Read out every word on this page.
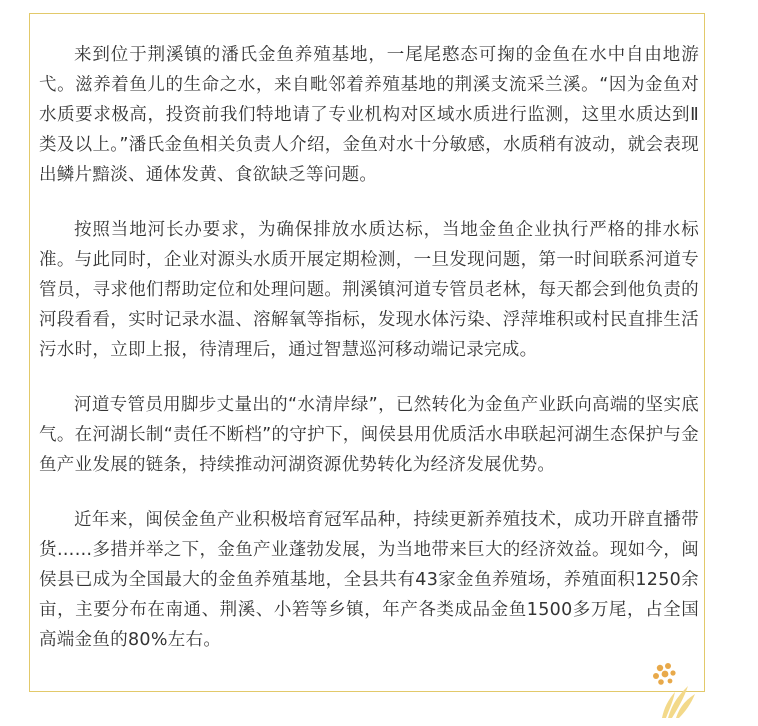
来到位于荆溪镇的潘氏金鱼养殖基地，一尾尾憨态可掬的金鱼在水中自由地游弋。滋养着鱼儿的生命之水，来自毗邻着养殖基地的荆溪支流采兰溪。“因为金鱼对水质要求极高，投资前我们特地请了专业机构对区域水质进行监测，这里水质达到Ⅱ类及以上。”潘氏金鱼相关负责人介绍，金鱼对水十分敏感，水质稍有波动，就会表现出鳞片黯淡、通体发黄、食欲缺乏等问题。

按照当地河长办要求，为确保排放水质达标，当地金鱼企业执行严格的排水标准。与此同时，企业对源头水质开展定期检测，一旦发现问题，第一时间联系河道专管员，寻求他们帮助定位和处理问题。荆溪镇河道专管员老林，每天都会到他负责的河段看看，实时记录水温、溶解氧等指标，发现水体污染、浮萍堆积或村民直排生活污水时，立即上报，待清理后，通过智慧巡河移动端记录完成。

河道专管员用脚步丈量出的“水清岸绿”，已然转化为金鱼产业跃向高端的坚实底气。在河湖长制“责任不断档”的守护下，闽侯县用优质活水串联起河湖生态保护与金鱼产业发展的链条，持续推动河湖资源优势转化为经济发展优势。

近年来，闽侯金鱼产业积极培育冠军品种，持续更新养殖技术，成功开辟直播带货……多措并举之下，金鱼产业蓬勃发展，为当地带来巨大的经济效益。现如今，闽侯县已成为全国最大的金鱼养殖基地，全县共有43家金鱼养殖场，养殖面积1250余亩，主要分布在南通、荆溪、小箬等乡镇，年产各类成品金鱼1500多万尾，占全国高端金鱼的80%左右。
